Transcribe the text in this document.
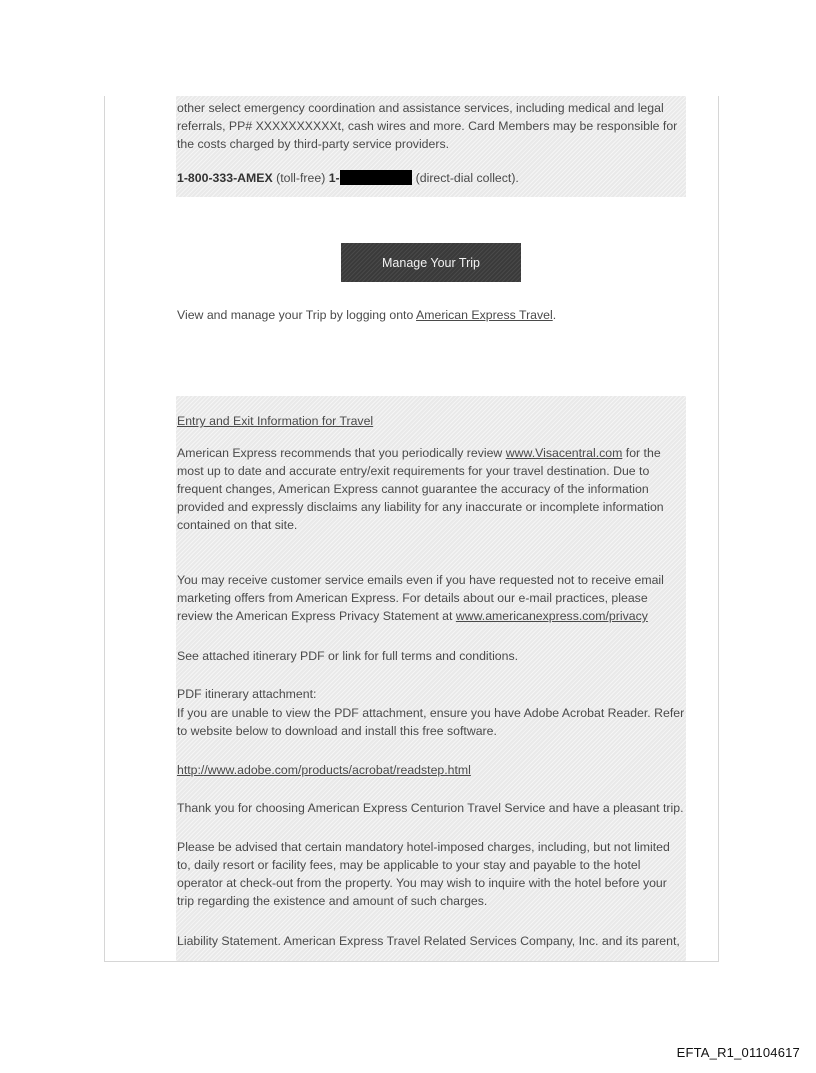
other select emergency coordination and assistance services, including medical and legal referrals, PP# XXXXXXXXXXt, cash wires and more. Card Members may be responsible for the costs charged by third-party service providers.

1-800-333-AMEX (toll-free) 1-	(direct-dial collect).

Manage Your Trip

View and manage your Trip by logging onto American Express Travel.

Entry and Exit Information for Travel

American Express recommends that you periodically review www.Visacentral.com for the most up to date and accurate entry/exit requirements for your travel destination. Due to frequent changes, American Express cannot guarantee the accuracy of the information provided and expressly disclaims any liability for any inaccurate or incomplete information contained on that site.

You may receive customer service emails even if you have requested not to receive email marketing offers from American Express. For details about our e-mail practices, please review the American Express Privacy Statement at www.americanexpress.com/privacy

See attached itinerary PDF or link for full terms and conditions.

PDF itinerary attachment:

If you are unable to view the PDF attachment, ensure you have Adobe Acrobat Reader. Refer to website below to download and install this free software.

http://www.adobe.com/products/acrobat/readstep.html

Thank you for choosing American Express Centurion Travel Service and have a pleasant trip.

Please be advised that certain mandatory hotel-imposed charges, including, but not limited to, daily resort or facility fees, may be applicable to your stay and payable to the hotel operator at check-out from the property. You may wish to inquire with the hotel before your trip regarding the existence and amount of such charges.

Liability Statement. American Express Travel Related Services Company, Inc. and its parent,

EFTA_R1_01104617
